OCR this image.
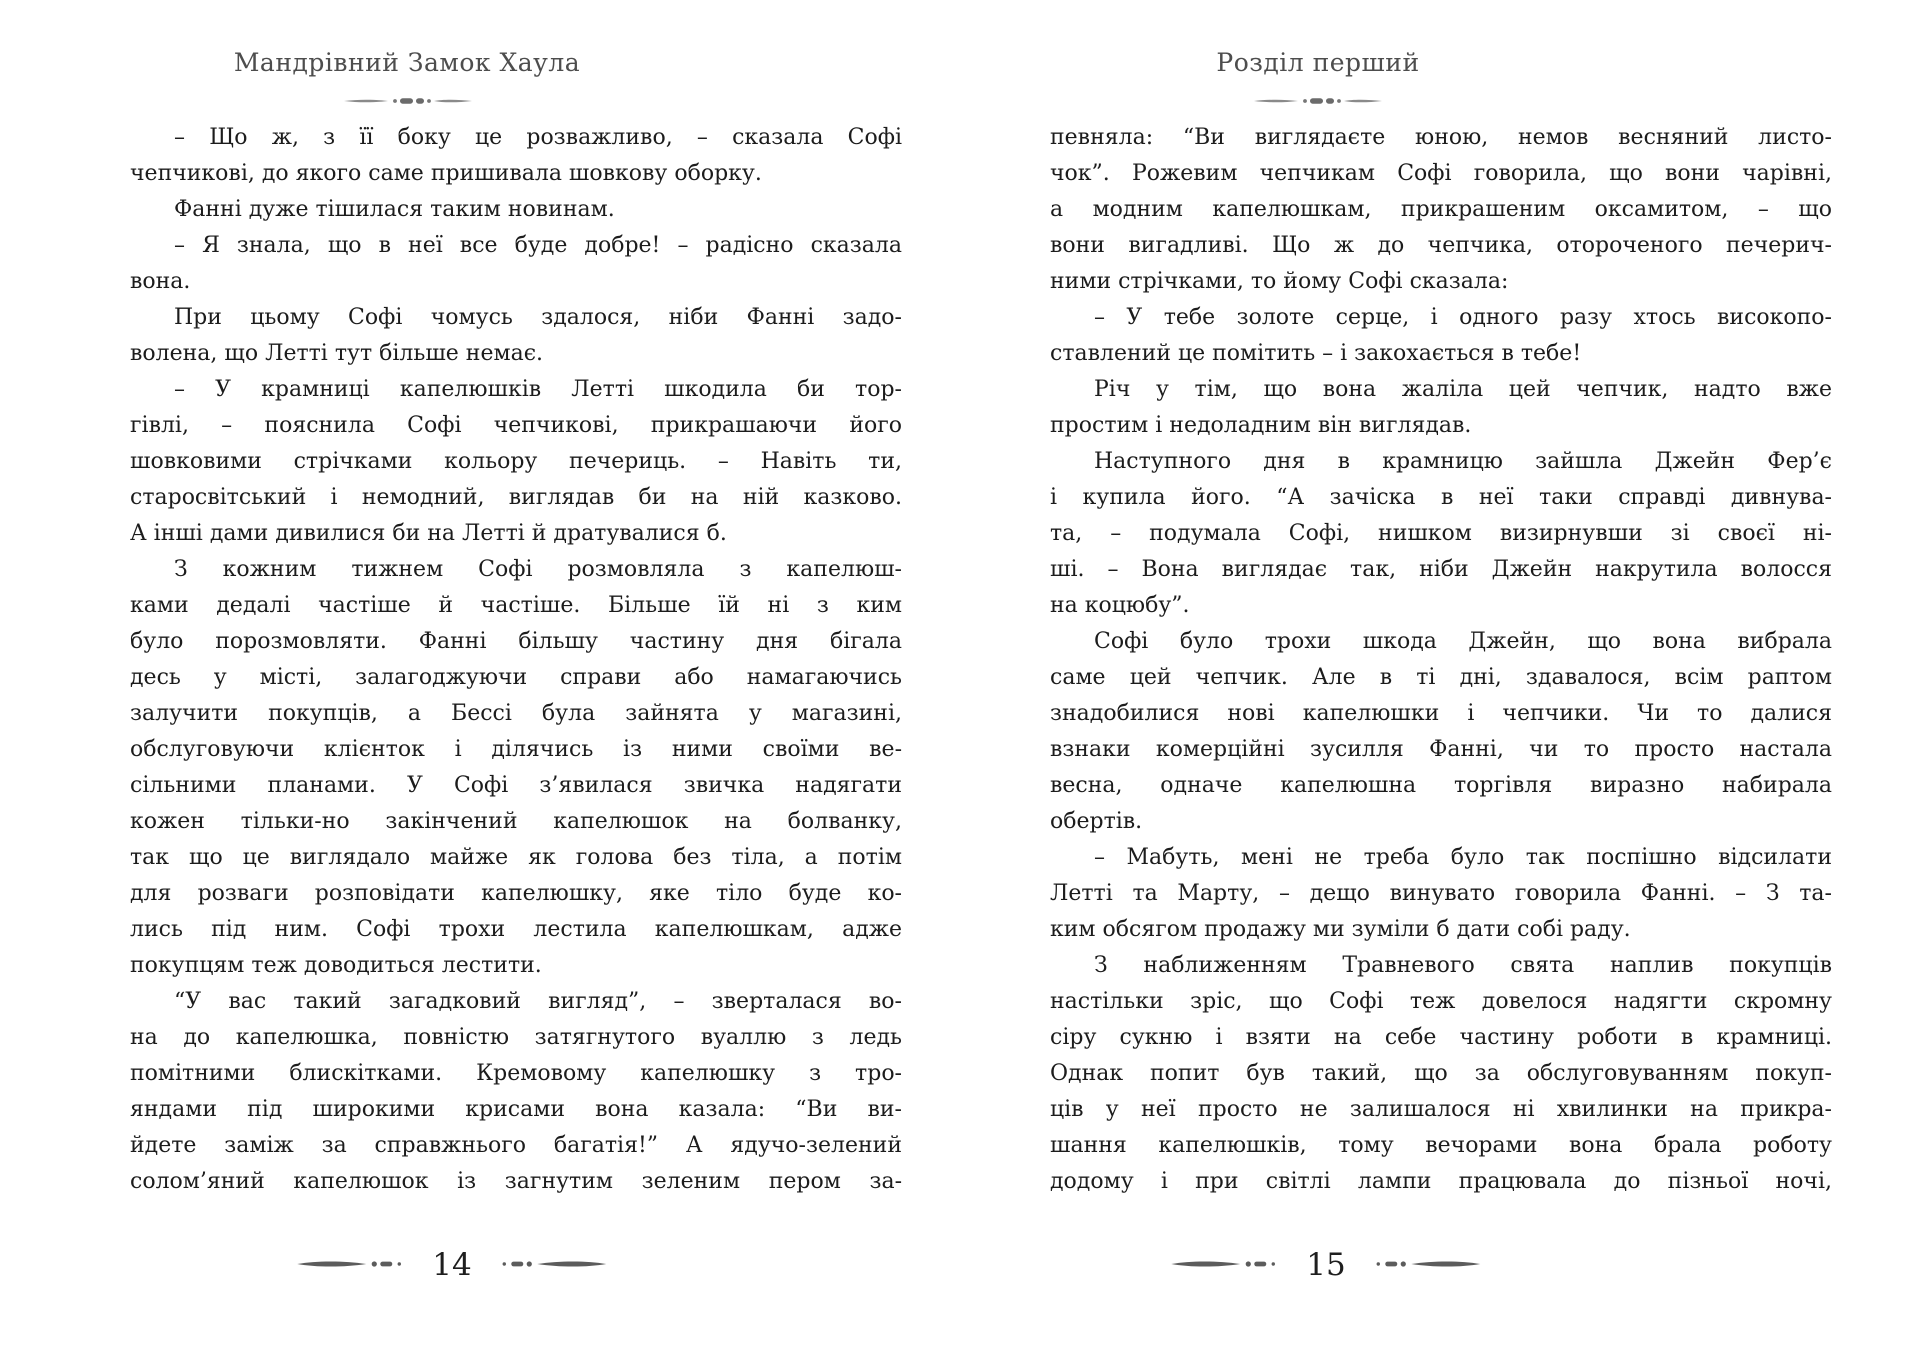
Мандрівний Замок Хаула
– Що ж, з її боку це розважливо, – сказала Софі
чепчикові, до якого саме пришивала шовкову оборку.
Фанні дуже тішилася таким новинам.
– Я знала, що в неї все буде добре! – радісно сказала
вона.
При цьому Софі чомусь здалося, ніби Фанні задо-
волена, що Летті тут більше немає.
– У крамниці капелюшків Летті шкодила би тор-
гівлі, – пояснила Софі чепчикові, прикрашаючи його
шовковими стрічками кольору печериць. – Навіть ти,
старосвітський і немодний, виглядав би на ній казково.
А інші дами дивилися би на Летті й дратувалися б.
З кожним тижнем Софі розмовляла з капелюш-
ками дедалі частіше й частіше. Більше їй ні з ким
було порозмовляти. Фанні більшу частину дня бігала
десь у місті, залагоджуючи справи або намагаючись
залучити покупців, а Бессі була зайнята у магазині,
обслуговуючи клієнток і ділячись із ними своїми ве-
сільними планами. У Софі з’явилася звичка надягати
кожен тільки-но закінчений капелюшок на болванку,
так що це виглядало майже як голова без тіла, а потім
для розваги розповідати капелюшку, яке тіло буде ко-
лись під ним. Софі трохи лестила капелюшкам, адже
покупцям теж доводиться лестити.
“У вас такий загадковий вигляд”, – зверталася во-
на до капелюшка, повністю затягнутого вуаллю з ледь
помітними блискітками. Кремовому капелюшку з тро-
яндами під широкими крисами вона казала: “Ви ви-
йдете заміж за справжнього багатія!” А ядучо-зелений
солом’яний капелюшок із загнутим зеленим пером за-
14
Розділ перший
певняла: “Ви виглядаєте юною, немов весняний листо-
чок”. Рожевим чепчикам Софі говорила, що вони чарівні,
а модним капелюшкам, прикрашеним оксамитом, – що
вони вигадливі. Що ж до чепчика, отороченого печерич-
ними стрічками, то йому Софі сказала:
– У тебе золоте серце, і одного разу хтось високопо-
ставлений це помітить – і закохається в тебе!
Річ у тім, що вона жаліла цей чепчик, надто вже
простим і недоладним він виглядав.
Наступного дня в крамницю зайшла Джейн Фер’є
і купила його. “А зачіска в неї таки справді дивнува-
та, – подумала Софі, нишком визирнувши зі своєї ні-
ші. – Вона виглядає так, ніби Джейн накрутила волосся
на коцюбу”.
Софі було трохи шкода Джейн, що вона вибрала
саме цей чепчик. Але в ті дні, здавалося, всім раптом
знадобилися нові капелюшки і чепчики. Чи то далися
взнаки комерційні зусилля Фанні, чи то просто настала
весна, одначе капелюшна торгівля виразно набирала
обертів.
– Мабуть, мені не треба було так поспішно відсилати
Летті та Марту, – дещо винувато говорила Фанні. – З та-
ким обсягом продажу ми зуміли б дати собі раду.
З наближенням Травневого свята наплив покупців
настільки зріс, що Софі теж довелося надягти скромну
сіру сукню і взяти на себе частину роботи в крамниці.
Однак попит був такий, що за обслуговуванням покуп-
ців у неї просто не залишалося ні хвилинки на прикра-
шання капелюшків, тому вечорами вона брала роботу
додому і при світлі лампи працювала до пізньої ночі,
15
